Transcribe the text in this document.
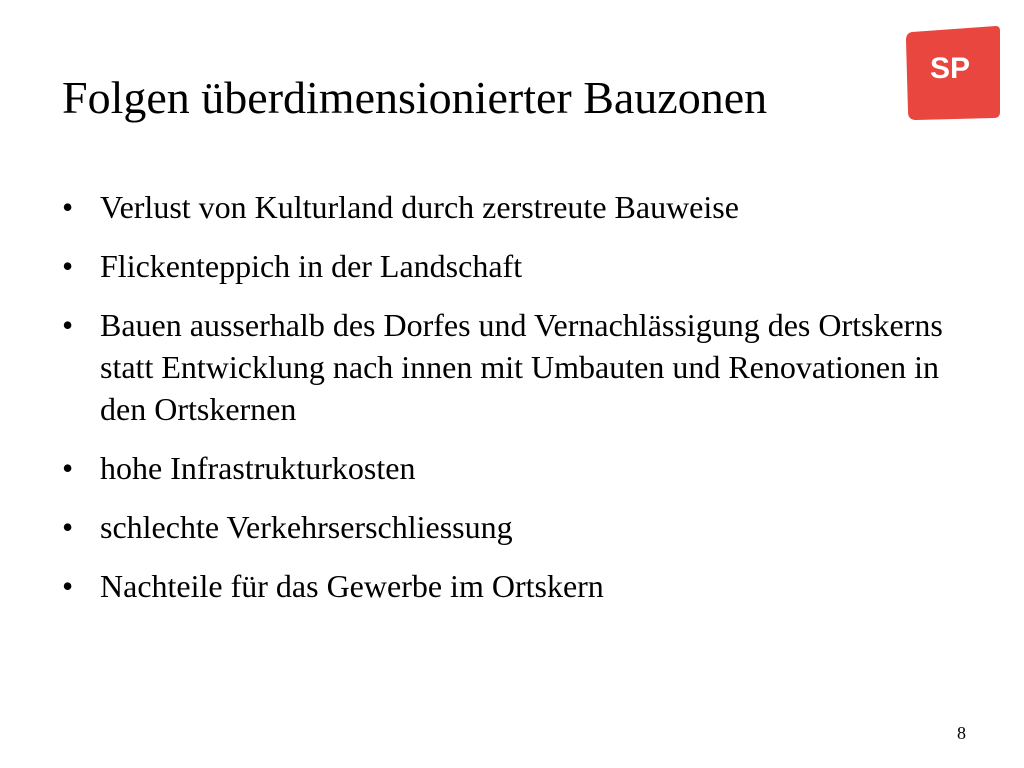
Folgen überdimensionierter Bauzonen
SP
• Verlust von Kulturland durch zerstreute Bauweise
• Flickenteppich in der Landschaft
• Bauen ausserhalb des Dorfes und Vernachlässigung des Ortskerns statt Entwicklung nach innen mit Umbauten und Renovationen in den Ortskernen
• hohe Infrastrukturkosten
• schlechte Verkehrserschliessung
• Nachteile für das Gewerbe im Ortskern
8
